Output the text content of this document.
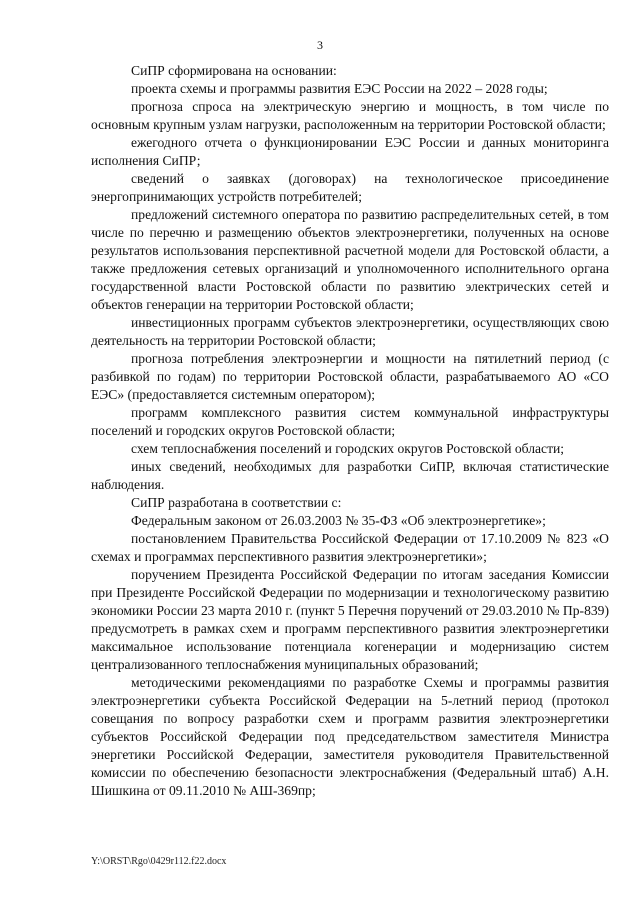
3

СиПР сформирована на основании:

проекта схемы и программы развития ЕЭС России на 2022 – 2028 годы;

прогноза спроса на электрическую энергию и мощность, в том числе по основным крупным узлам нагрузки, расположенным на территории Ростовской области;

ежегодного отчета о функционировании ЕЭС России и данных мониторинга исполнения СиПР;

сведений о заявках (договорах) на технологическое присоединение энергопринимающих устройств потребителей;

предложений системного оператора по развитию распределительных сетей, в том числе по перечню и размещению объектов электроэнергетики, полученных на основе результатов использования перспективной расчетной модели для Ростовской области, а также предложения сетевых организаций и уполномоченного исполнительного органа государственной власти Ростовской области по развитию электрических сетей и объектов генерации на территории Ростовской области;

инвестиционных программ субъектов электроэнергетики, осуществляющих свою деятельность на территории Ростовской области;

прогноза потребления электроэнергии и мощности на пятилетний период (с разбивкой по годам) по территории Ростовской области, разрабатываемого АО «СО ЕЭС» (предоставляется системным оператором);

программ комплексного развития систем коммунальной инфраструктуры поселений и городских округов Ростовской области;

схем теплоснабжения поселений и городских округов Ростовской области;

иных сведений, необходимых для разработки СиПР, включая статистические наблюдения.

СиПР разработана в соответствии с:

Федеральным законом от 26.03.2003 № 35-ФЗ «Об электроэнергетике»;

постановлением Правительства Российской Федерации от 17.10.2009 № 823 «О схемах и программах перспективного развития электроэнергетики»;

поручением Президента Российской Федерации по итогам заседания Комиссии при Президенте Российской Федерации по модернизации и технологическому развитию экономики России 23 марта 2010 г. (пункт 5 Перечня поручений от 29.03.2010 № Пр-839) предусмотреть в рамках схем и программ перспективного развития электроэнергетики максимальное использование потенциала когенерации и модернизацию систем централизованного теплоснабжения муниципальных образований;

методическими рекомендациями по разработке Схемы и программы развития электроэнергетики субъекта Российской Федерации на 5-летний период (протокол совещания по вопросу разработки схем и программ развития электроэнергетики субъектов Российской Федерации под председательством заместителя Министра энергетики Российской Федерации, заместителя руководителя Правительственной комиссии по обеспечению безопасности электроснабжения (Федеральный штаб) А.Н. Шишкина от 09.11.2010 № АШ-369пр;

Y:\ORST\Rgo\0429r112.f22.docx
